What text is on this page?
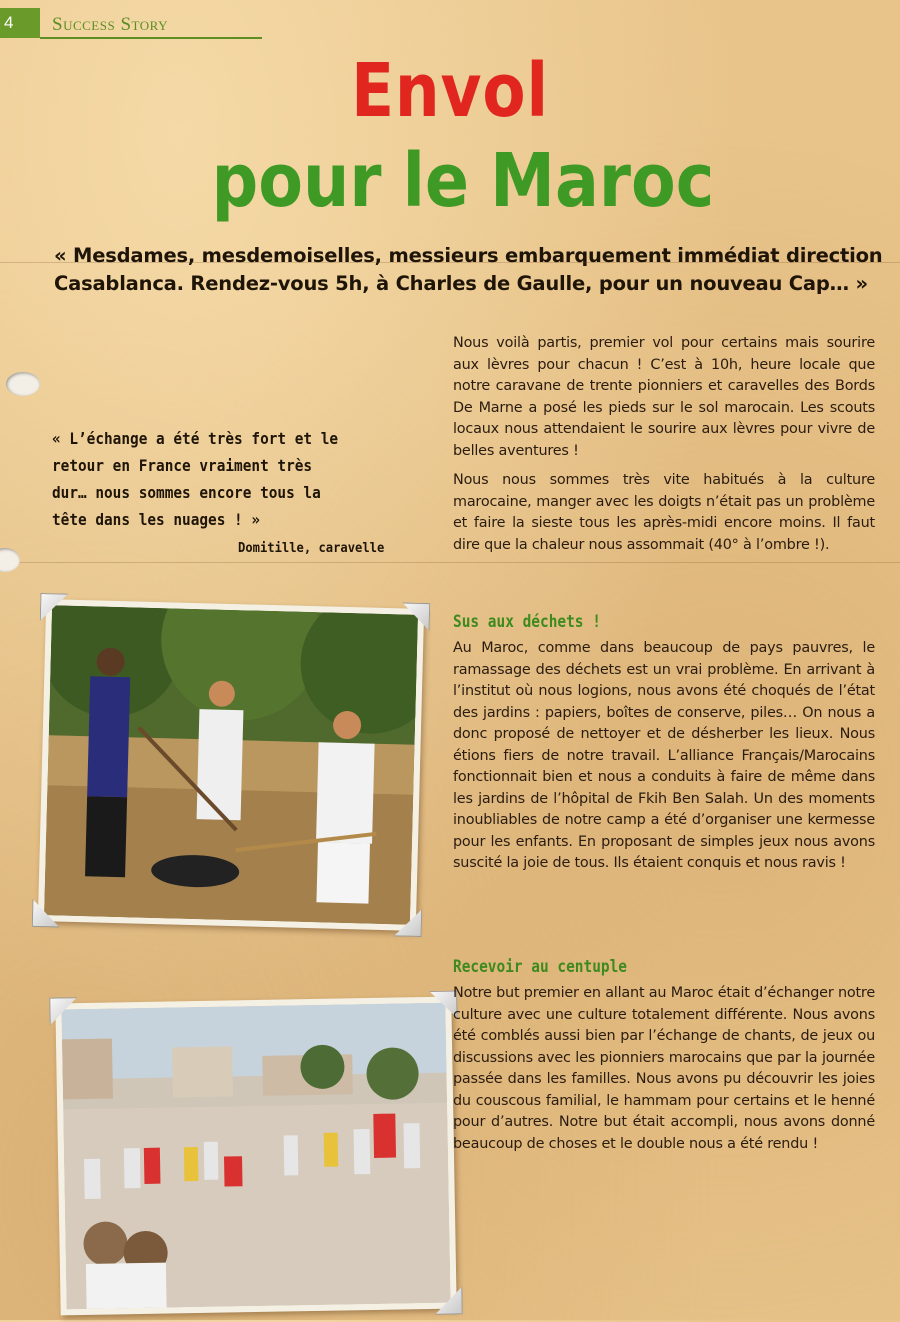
4	Success Story
Envol
pour le Maroc
« Mesdames, mesdemoiselles, messieurs embarquement immédiat direction Casablanca. Rendez-vous 5h, à Charles de Gaulle, pour un nouveau Cap… »

Nous voilà partis, premier vol pour certains mais sourire aux lèvres pour chacun ! C’est à 10h, heure locale que notre caravane de trente pionniers et caravelles des Bords De Marne a posé les pieds sur le sol marocain. Les scouts locaux nous attendaient le sourire aux lèvres pour vivre de belles aventures !

Nous nous sommes très vite habitués à la culture marocaine, manger avec les doigts n’était pas un problème et faire la sieste tous les après-midi encore moins. Il faut dire que la chaleur nous assommait (40° à l’ombre !).

« L’échange a été très fort et le retour en France vraiment très dur… nous sommes encore tous la tête dans les nuages ! »
Domitille, caravelle
Sus aux déchets !

Au Maroc, comme dans beaucoup de pays pauvres, le ramassage des déchets est un vrai problème. En arrivant à l’institut où nous logions, nous avons été choqués de l’état des jardins : papiers, boîtes de conserve, piles… On nous a donc proposé de nettoyer et de désherber les lieux. Nous étions fiers de notre travail. L’alliance Français/Marocains fonctionnait bien et nous a conduits à faire de même dans les jardins de l’hôpital de Fkih Ben Salah. Un des moments inoubliables de notre camp a été d’organiser une kermesse pour les enfants. En proposant de simples jeux nous avons suscité la joie de tous. Ils étaient conquis et nous ravis !

Recevoir au centuple

Notre but premier en allant au Maroc était d’échanger notre culture avec une culture totalement différente. Nous avons été comblés aussi bien par l’échange de chants, de jeux ou discussions avec les pionniers marocains que par la journée passée dans les familles. Nous avons pu découvrir les joies du couscous familial, le hammam pour certains et le henné pour d’autres. Notre but était accompli, nous avons donné beaucoup de choses et le double nous a été rendu !
